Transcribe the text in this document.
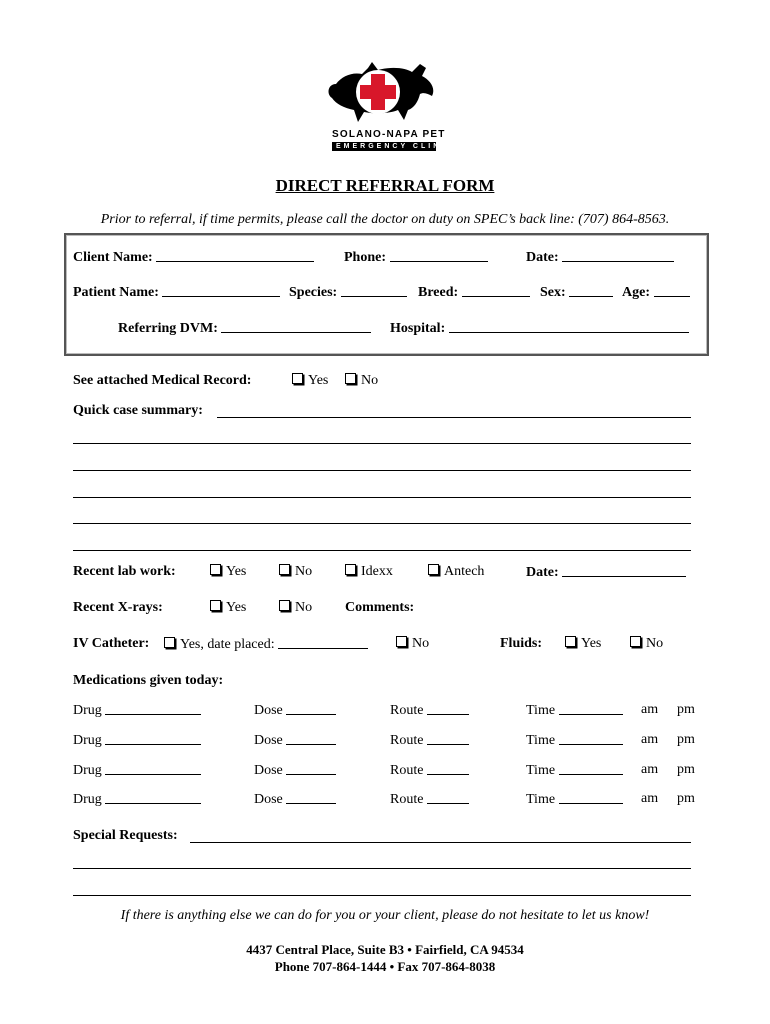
SOLANO-NAPA PET
EMERGENCY CLINIC
DIRECT REFERRAL FORM
Prior to referral, if time permits, please call the doctor on duty on SPEC’s back line: (707) 864-8563.
Client Name:	Phone:	Date:
Patient Name:	Species:	Breed:	Sex:	Age:
Referring DVM:	Hospital:
See attached Medical Record:	Yes	No
Quick case summary:
Recent lab work:	Yes	No	Idexx	Antech	Date:
Recent X-rays:	Yes	No Comments:
IV Catheter:	Yes, date placed:	No	Fluids:	Yes	No
Medications given today:
Drug	Dose	Route	Time	am pm
Drug	Dose	Route	Time	am pm
Drug	Dose	Route	Time	am pm
Drug	Dose	Route	Time	am pm
Special Requests:
If there is anything else we can do for you or your client, please do not hesitate to let us know!
4437 Central Place, Suite B3 • Fairfield, CA 94534
Phone 707-864-1444 • Fax 707-864-8038
